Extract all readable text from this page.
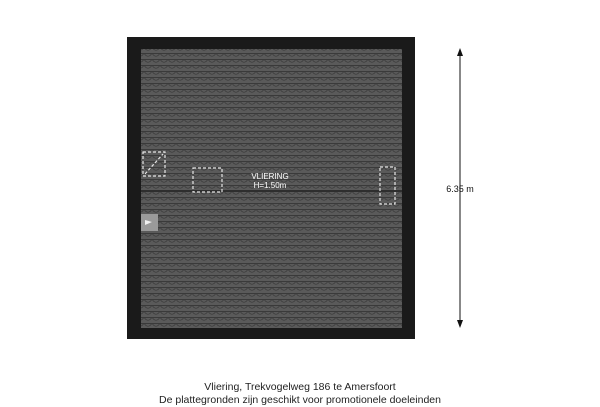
VLIERING
H=1.50m	6.35 m
Vliering, Trekvogelweg 186 te Amersfoort
De plattegronden zijn geschikt voor promotionele doeleinden
